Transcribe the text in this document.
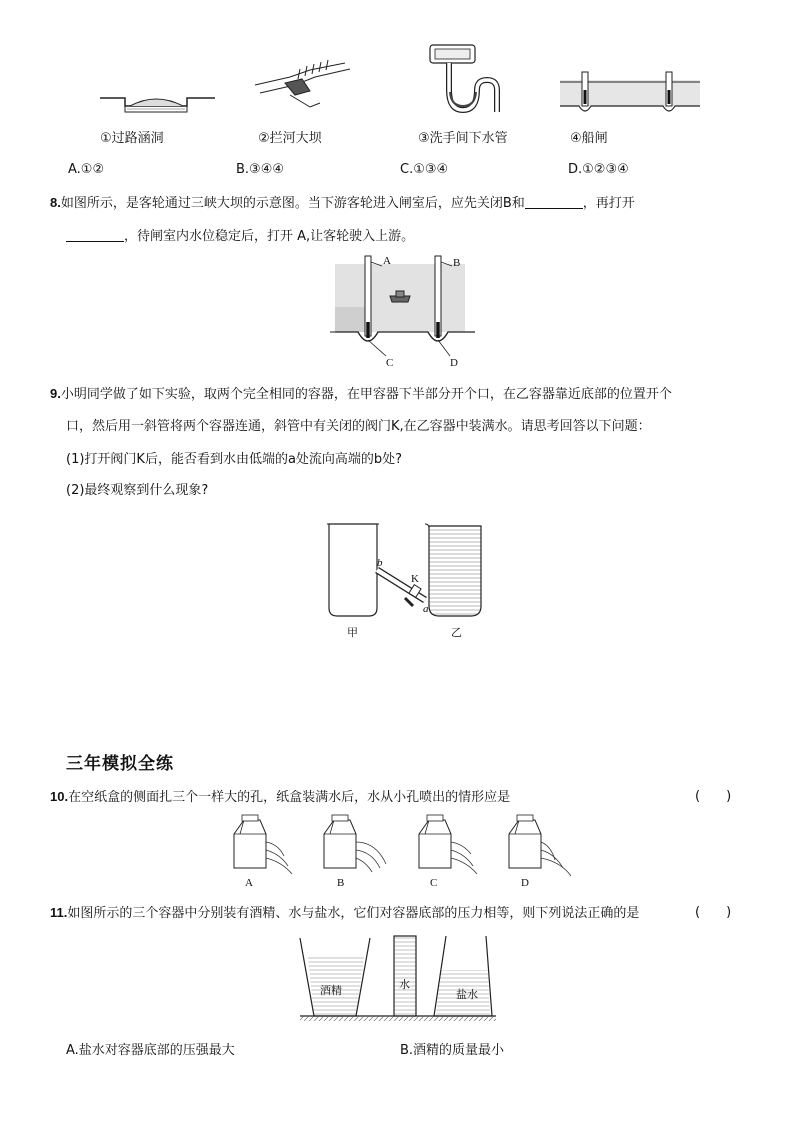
①过路涵洞	②拦河大坝	③洗手间下水管	④船闸
A.①②	B.③④④	C.①③④	D.①②③④
8.如图所示，是客轮通过三峡大坝的示意图。当下游客轮进入闸室后，应先关闭B和	，再打开
，待闸室内水位稳定后，打开 A,让客轮驶入上游。
A	B
C	D
9.小明同学做了如下实验，取两个完全相同的容器，在甲容器下半部分开个口，在乙容器靠近底部的位置开个
口，然后用一斜管将两个容器连通，斜管中有关闭的阀门K,在乙容器中装满水。请思考回答以下问题：
(1)打开阀门K后，能否看到水由低端的a处流向高端的b处?
(2)最终观察到什么现象?
b
K
a
甲	乙
三年模拟全练
10.在空纸盒的侧面扎三个一样大的孔，纸盒装满水后，水从小孔喷出的情形应是	(　　)
A	B	C	D
11.如图所示的三个容器中分别装有酒精、水与盐水，它们对容器底部的压力相等，则下列说法正确的是	(　　)
酒精	水
盐水
A.盐水对容器底部的压强最大	B.酒精的质量最小
